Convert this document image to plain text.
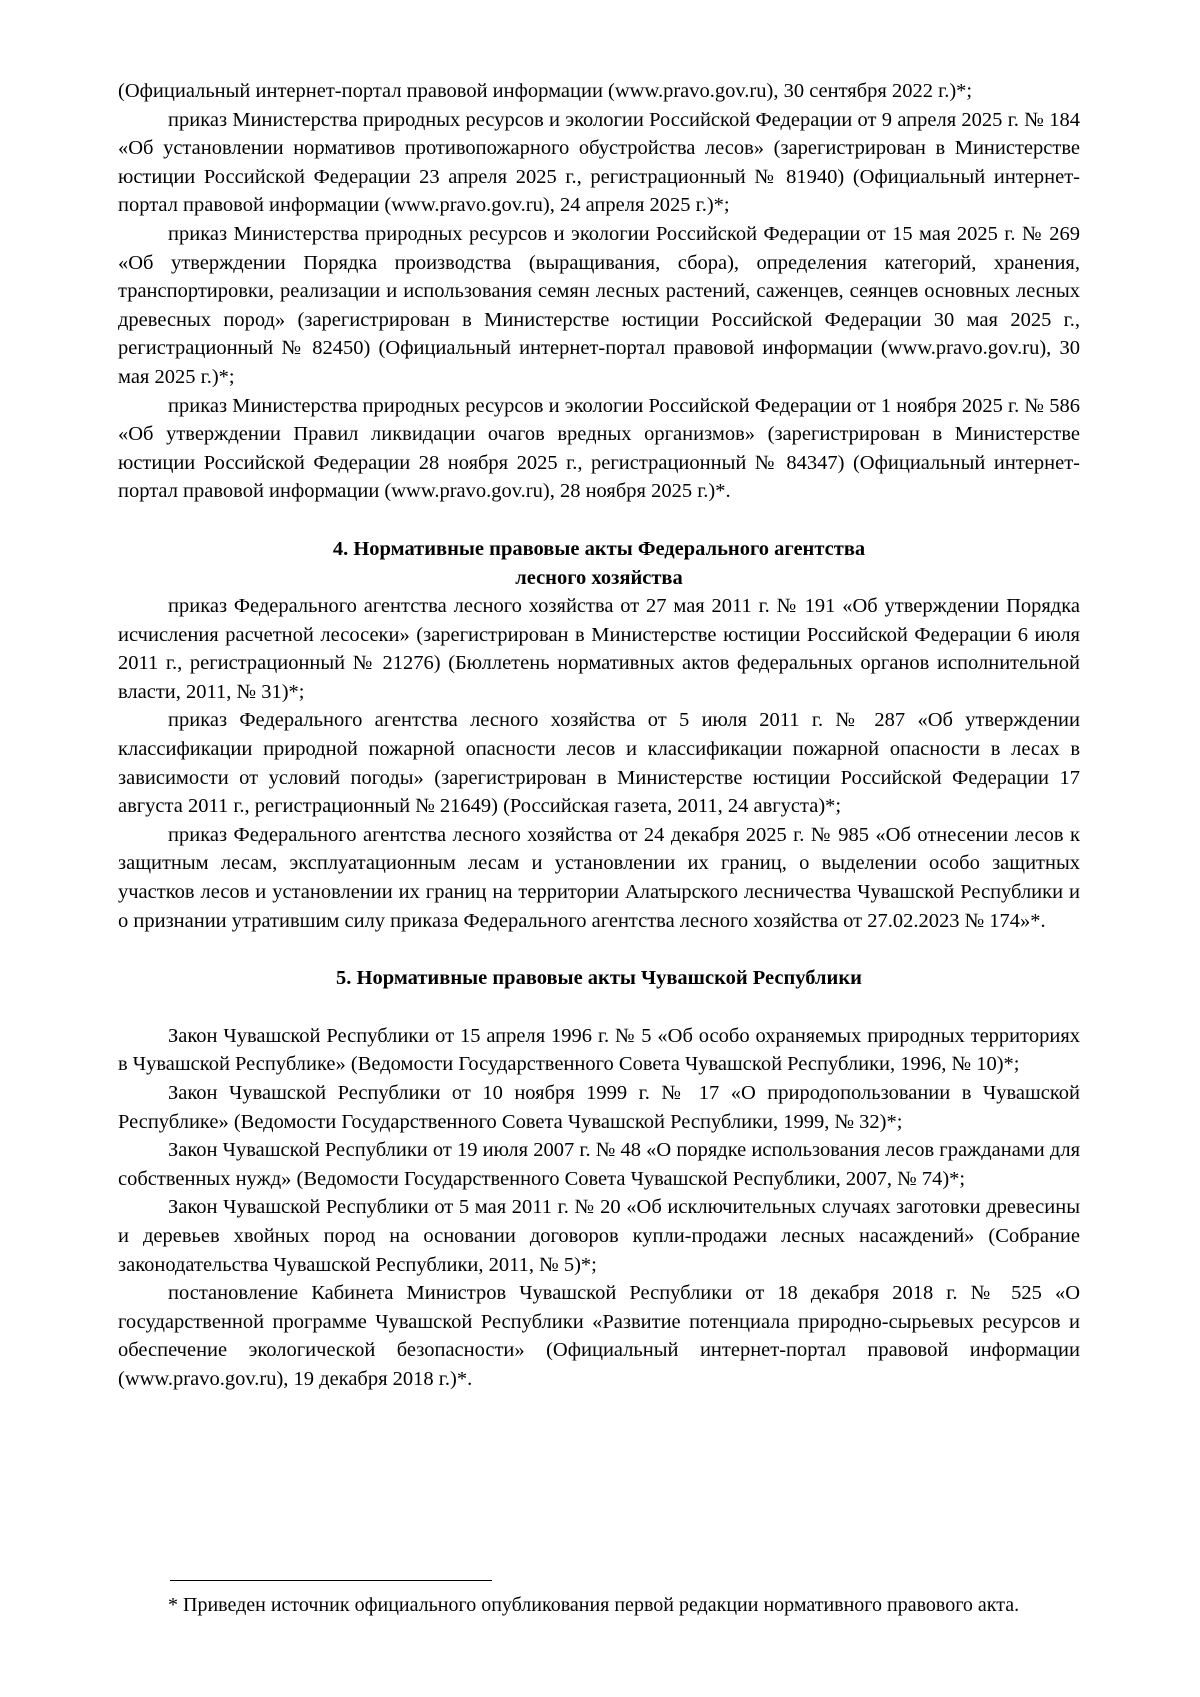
(Официальный интернет-портал правовой информации (www.pravo.gov.ru), 30 сентября 2022 г.)*;

приказ Министерства природных ресурсов и экологии Российской Федерации от 9 апреля 2025 г. № 184 «Об установлении нормативов противопожарного обустройства лесов» (зарегистрирован в Министерстве юстиции Российской Федерации 23 апреля 2025 г., регистрационный № 81940) (Официальный интернет-портал правовой информации (www.pravo.gov.ru), 24 апреля 2025 г.)*;

приказ Министерства природных ресурсов и экологии Российской Федерации от 15 мая 2025 г. № 269 «Об утверждении Порядка производства (выращивания, сбора), определения категорий, хранения, транспортировки, реализации и использования семян лесных растений, саженцев, сеянцев основных лесных древесных пород» (зарегистрирован в Министерстве юстиции Российской Федерации 30 мая 2025 г., регистрационный № 82450) (Официальный интернет-портал правовой информации (www.pravo.gov.ru), 30 мая 2025 г.)*;

приказ Министерства природных ресурсов и экологии Российской Федерации от 1 ноября 2025 г. № 586 «Об утверждении Правил ликвидации очагов вредных организмов» (зарегистрирован в Министерстве юстиции Российской Федерации 28 ноября 2025 г., регистрационный № 84347) (Официальный интернет-портал правовой информации (www.pravo.gov.ru), 28 ноября 2025 г.)*.

4. Нормативные правовые акты Федерального агентства

лесного хозяйства

приказ Федерального агентства лесного хозяйства от 27 мая 2011 г. № 191 «Об утверждении Порядка исчисления расчетной лесосеки» (зарегистрирован в Министерстве юстиции Российской Федерации 6 июля 2011 г., регистрационный № 21276) (Бюллетень нормативных актов федеральных органов исполнительной власти, 2011, № 31)*;

приказ Федерального агентства лесного хозяйства от 5 июля 2011 г. № 287 «Об утверждении классификации природной пожарной опасности лесов и классификации пожарной опасности в лесах в зависимости от условий погоды» (зарегистрирован в Министерстве юстиции Российской Федерации 17 августа 2011 г., регистрационный № 21649) (Российская газета, 2011, 24 августа)*;

приказ Федерального агентства лесного хозяйства от 24 декабря 2025 г. № 985 «Об отнесении лесов к защитным лесам, эксплуатационным лесам и установлении их границ, о выделении особо защитных участков лесов и установлении их границ на территории Алатырского лесничества Чувашской Республики и о признании утратившим силу приказа Федерального агентства лесного хозяйства от 27.02.2023 № 174»*.

5. Нормативные правовые акты Чувашской Республики

Закон Чувашской Республики от 15 апреля 1996 г. № 5 «Об особо охраняемых природных территориях в Чувашской Республике» (Ведомости Государственного Совета Чувашской Республики, 1996, № 10)*;

Закон Чувашской Республики от 10 ноября 1999 г. № 17 «О природопользовании в Чувашской Республике» (Ведомости Государственного Совета Чувашской Республики, 1999, № 32)*;

Закон Чувашской Республики от 19 июля 2007 г. № 48 «О порядке использования лесов гражданами для собственных нужд» (Ведомости Государственного Совета Чувашской Республики, 2007, № 74)*;

Закон Чувашской Республики от 5 мая 2011 г. № 20 «Об исключительных случаях заготовки древесины и деревьев хвойных пород на основании договоров купли-продажи лесных насаждений» (Собрание законодательства Чувашской Республики, 2011, № 5)*;

постановление Кабинета Министров Чувашской Республики от 18 декабря 2018 г. № 525 «О государственной программе Чувашской Республики «Развитие потенциала природно-сырьевых ресурсов и обеспечение экологической безопасности» (Официальный интернет-портал правовой информации (www.pravo.gov.ru), 19 декабря 2018 г.)*.

* Приведен источник официального опубликования первой редакции нормативного правового акта.
